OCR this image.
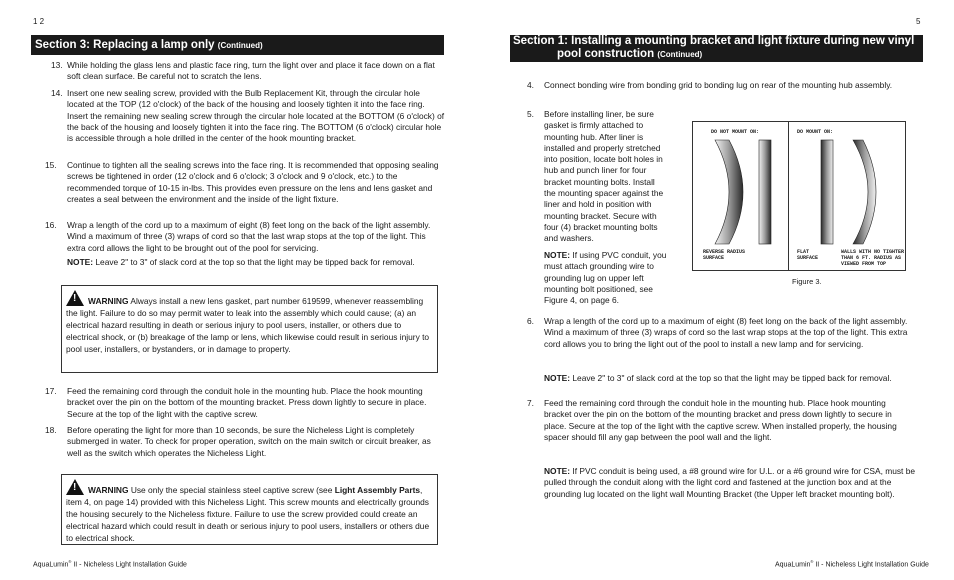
1 2
Section 3: Replacing a lamp only (Continued)
13. While holding the glass lens and plastic face ring, turn the light over and place it face down on a flat soft clean surface. Be careful not to scratch the lens.
14. Insert one new sealing screw, provided with the Bulb Replacement Kit, through the circular hole located at the TOP (12 o'clock) of the back of the housing and loosely tighten it into the face ring. Insert the remaining new sealing screw through the circular hole located at the BOTTOM (6 o'clock) of the back of the housing and loosely tighten it into the face ring. The BOTTOM (6 o'clock) circular hole is accessible through a hole drilled in the center of the hook mounting bracket.
15. Continue to tighten all the sealing screws into the face ring. It is recommended that opposing sealing screws be tightened in order (12 o'clock and 6 o'clock; 3 o'clock and 9 o'clock, etc.) to the recommended torque of 10-15 in-lbs. This provides even pressure on the lens and lens gasket and creates a seal between the environment and the inside of the light fixture.
16. Wrap a length of the cord up to a maximum of eight (8) feet long on the back of the light assembly. Wind a maximum of three (3) wraps of cord so that the last wrap stops at the top of the light. This extra cord allows the light to be brought out of the pool for servicing.
NOTE: Leave 2" to 3" of slack cord at the top so that the light may be tipped back for removal.
! WARNING Always install a new lens gasket, part number 619599, whenever reassembling the light. Failure to do so may permit water to leak into the assembly which could cause; (a) an electrical hazard resulting in death or serious injury to pool users, installer, or others due to electrical shock, or (b) breakage of the lamp or lens, which likewise could result in serious injury to pool user, installers, or bystanders, or in damage to property.
17. Feed the remaining cord through the conduit hole in the mounting hub. Place the hook mounting bracket over the pin on the bottom of the mounting bracket. Press down lightly to secure in place. Secure at the top of the light with the captive screw.
18. Before operating the light for more than 10 seconds, be sure the Nicheless Light is completely submerged in water. To check for proper operation, switch on the main switch or circuit breaker, as well as the switch which operates the Nicheless Light.
! WARNING Use only the special stainless steel captive screw (see Light Assembly Parts, item 4, on page 14) provided with this Nicheless Light. This screw mounts and electrically grounds the housing securely to the Nicheless fixture. Failure to use the screw provided could create an electrical hazard which could result in death or serious injury to pool users, installers or others due to electrical shock.
AquaLumin® II - Nicheless Light Installation Guide
5
Section 1: Installing a mounting bracket and light fixture during new vinyl
pool construction (Continued)
4. Connect bonding wire from bonding grid to bonding lug on rear of the mounting hub assembly.
5. Before installing liner, be sure
gasket is firmly attached to
mounting hub. After liner is
installed and properly stretched
into position, locate bolt holes in
hub and punch liner for four
bracket mounting bolts. Install
the mounting spacer against the
liner and hold in position with
mounting bracket. Secure with
four (4) bracket mounting bolts
and washers.
NOTE: If using PVC conduit, you
must attach grounding wire to
grounding lug on upper left
mounting bolt positioned, see
Figure 4, on page 6.
DO NOT MOUNT ON:	DO MOUNT ON:
REVERSE RADIUS
SURFACE
FLAT
SURFACE
WALLS WITH NO TIGHTER
THAN 6 FT. RADIUS AS
VIEWED FROM TOP
Figure 3.
6. Wrap a length of the cord up to a maximum of eight (8) feet long on the back of the light assembly. Wind a maximum of three (3) wraps of cord so the last wrap stops at the top of the light. This extra cord allows you to bring the light out of the pool to install a new lamp and for servicing.
NOTE: Leave 2" to 3" of slack cord at the top so that the light may be tipped back for removal.
7. Feed the remaining cord through the conduit hole in the mounting hub. Place hook mounting bracket over the pin on the bottom of the mounting bracket and press down lightly to secure in place. Secure at the top of the light with the captive screw. When installed properly, the housing spacer should fill any gap between the pool wall and the light.
NOTE: If PVC conduit is being used, a #8 ground wire for U.L. or a #6 ground wire for CSA, must be pulled through the conduit along with the light cord and fastened at the junction box and at the grounding lug located on the light wall Mounting Bracket (the Upper left bracket mounting bolt).
AquaLumin® II - Nicheless Light Installation Guide
